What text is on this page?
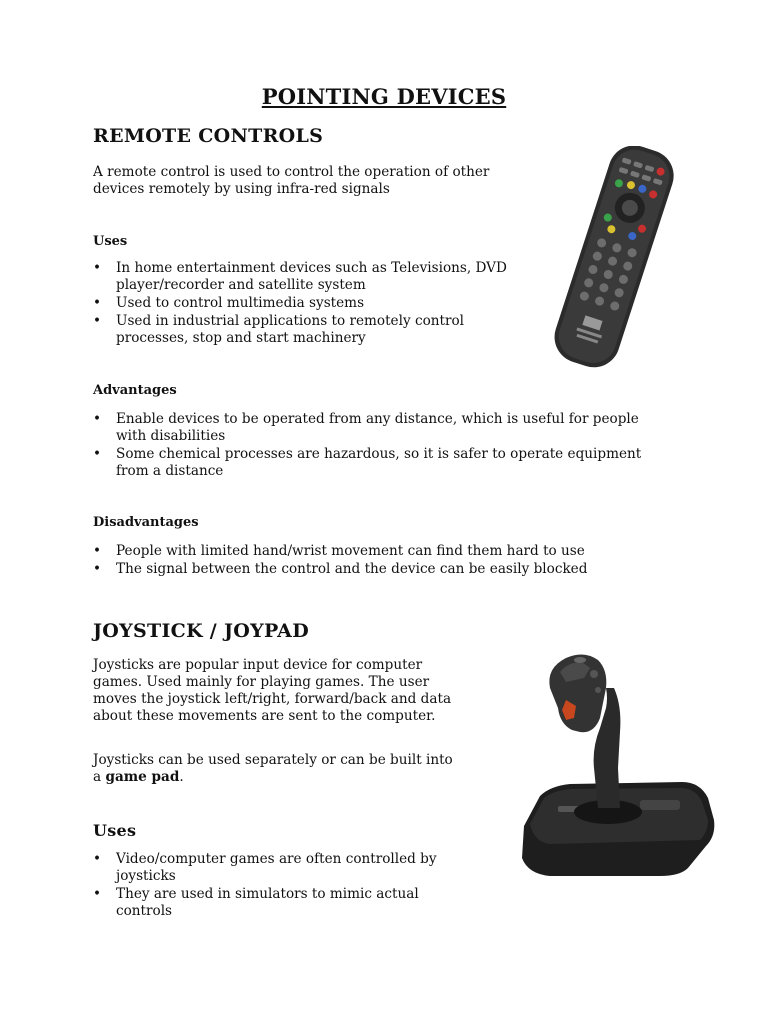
POINTING DEVICES
REMOTE CONTROLS
A remote control is used to control the operation of other devices remotely by using infra-red signals
Uses
• In home entertainment devices such as Televisions, DVD player/recorder and satellite system
• Used to control multimedia systems
• Used in industrial applications to remotely control processes, stop and start machinery
Advantages
• Enable devices to be operated from any distance, which is useful for people with disabilities
• Some chemical processes are hazardous, so it is safer to operate equipment from a distance
Disadvantages
• People with limited hand/wrist movement can find them hard to use
• The signal between the control and the device can be easily blocked
JOYSTICK / JOYPAD
Joysticks are popular input device for computer games. Used mainly for playing games. The user moves the joystick left/right, forward/back and data about these movements are sent to the computer.
Joysticks can be used separately or can be built into a game pad.
Uses
• Video/computer games are often controlled by joysticks
• They are used in simulators to mimic actual controls
